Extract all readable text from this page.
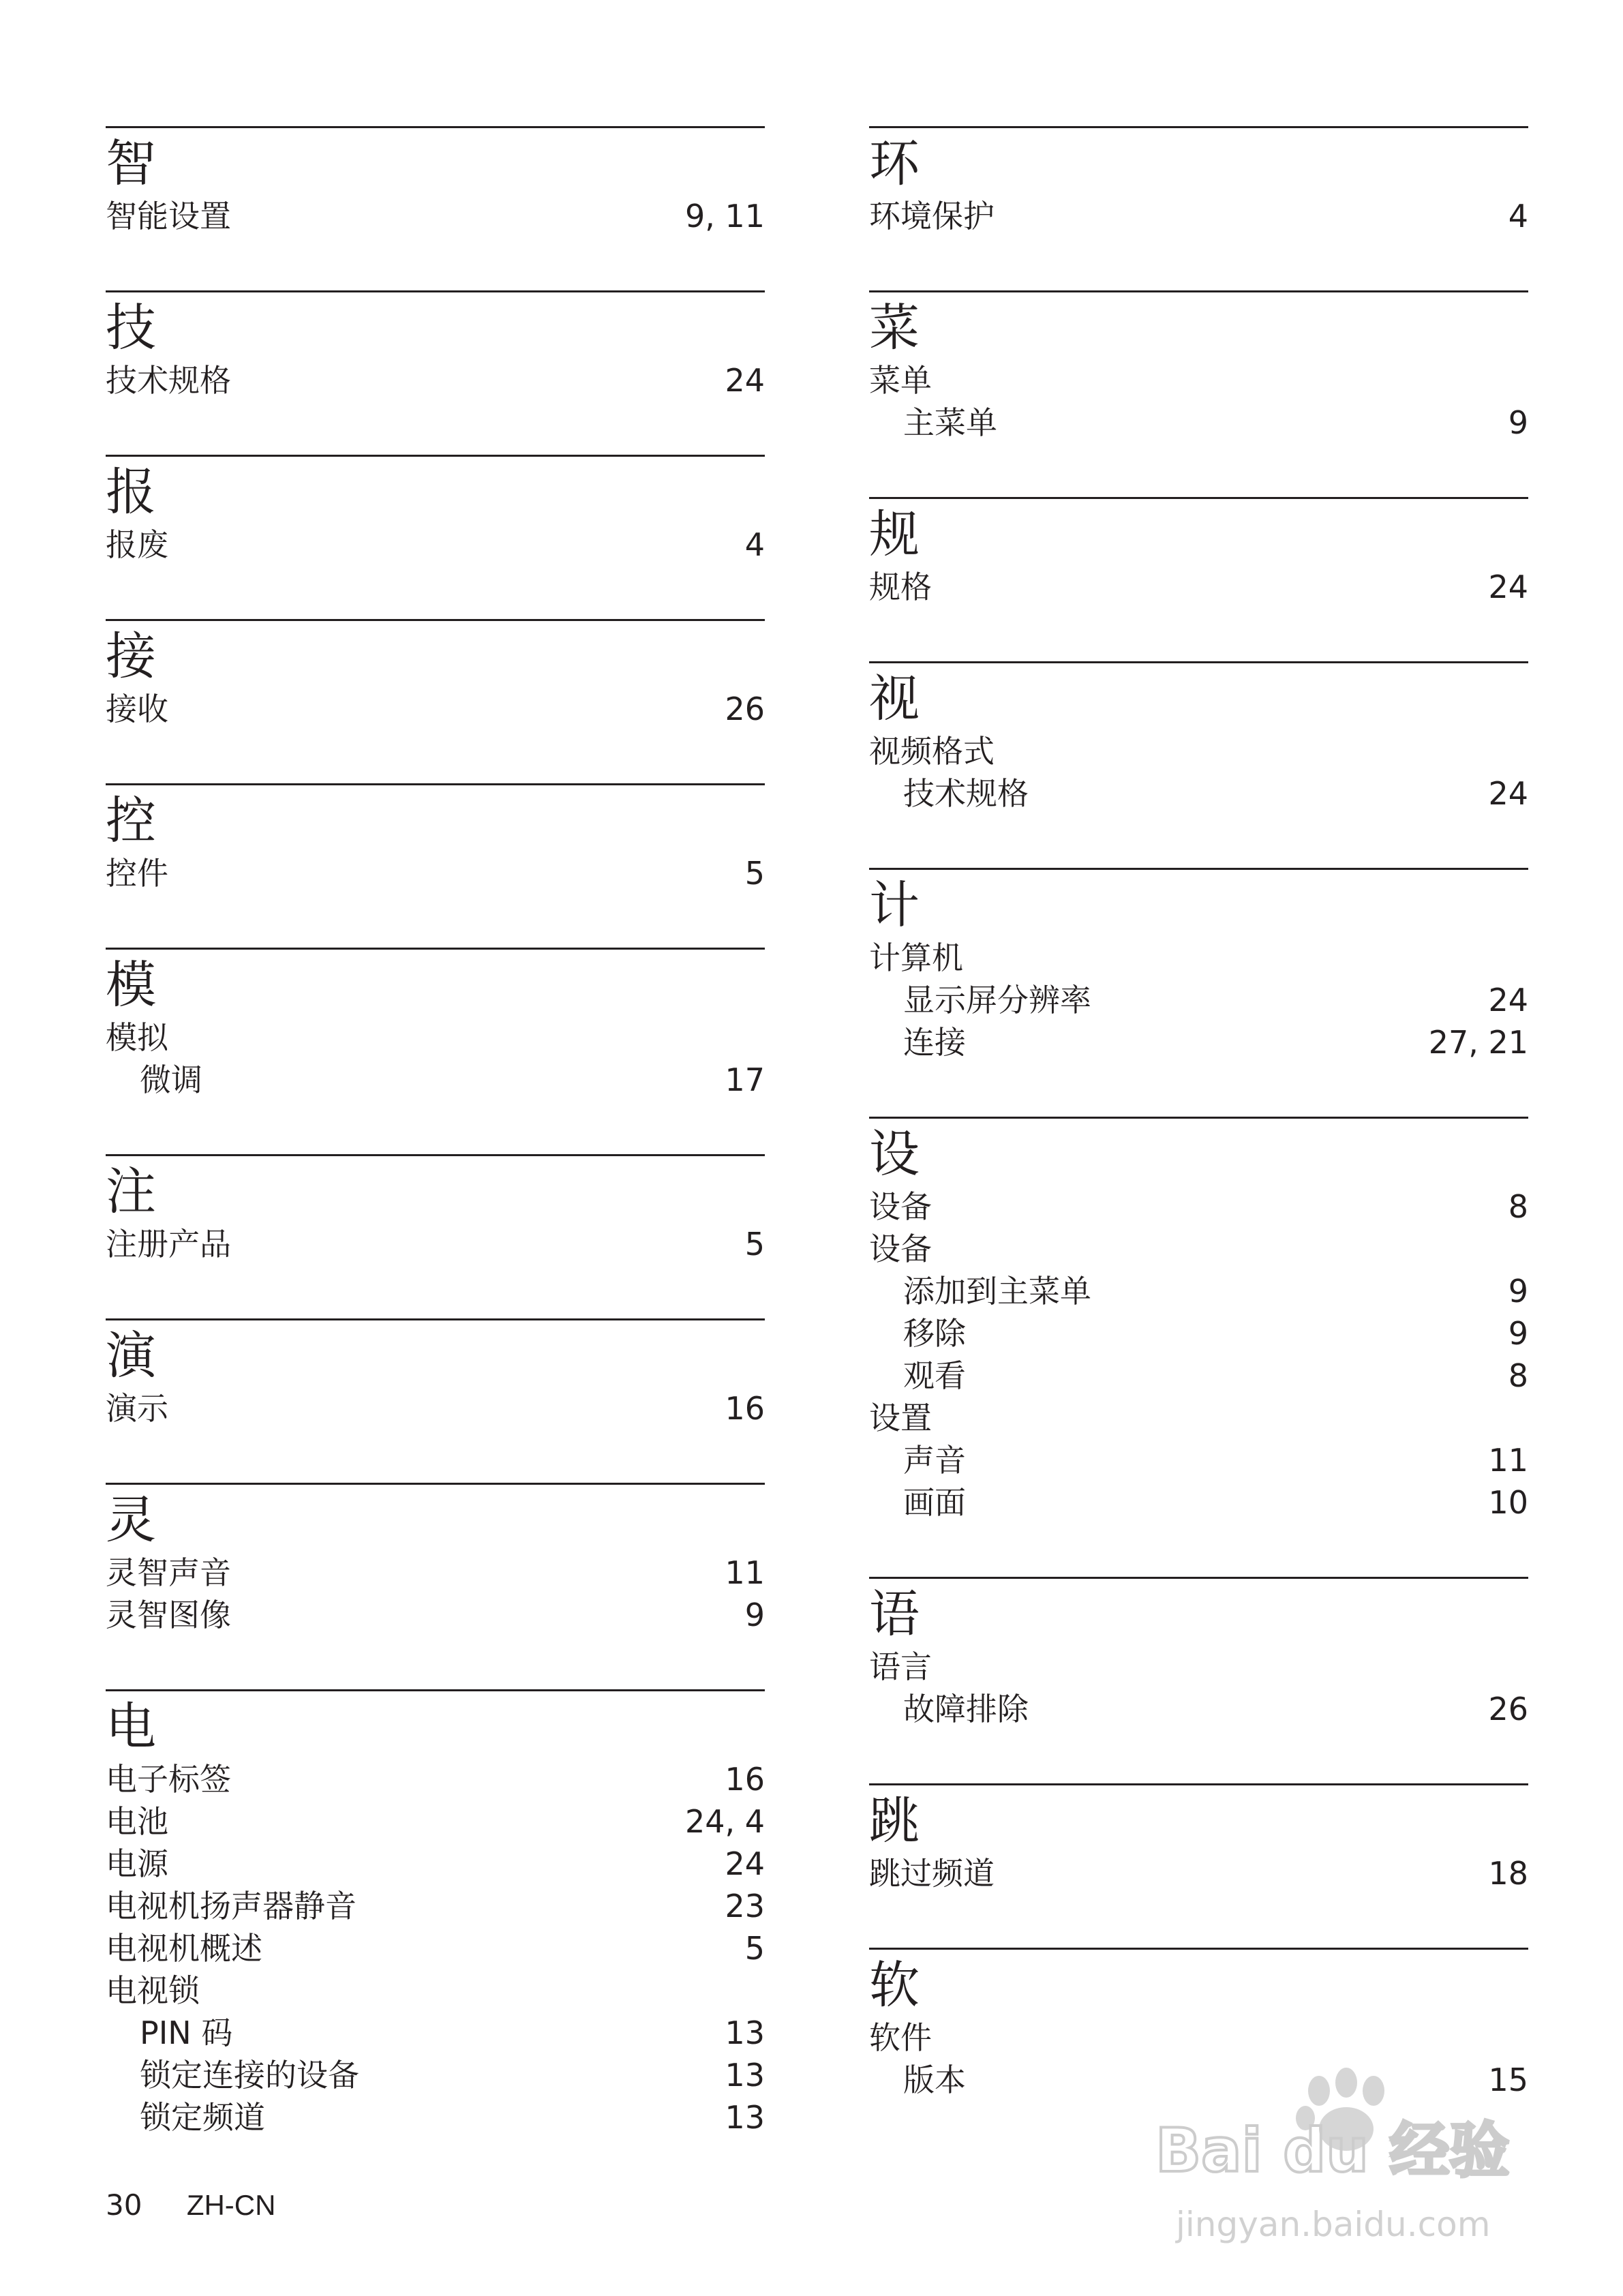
智
智能设置	9, 11
技
技术规格	24
报
报废	4
接
接收	26
控
控件	5
模
模拟
微调	17
注
注册产品	5
演
演示	16
灵
灵智声音	11
灵智图像	9
电
电子标签	16
电池	24, 4
电源	24
电视机扬声器静音	23
电视机概述	5
电视锁
PIN 码	13
锁定连接的设备	13
锁定频道	13
环
环境保护	4
菜
菜单
主菜单	9
规
规格	24
视
视频格式
技术规格	24
计
计算机
显示屏分辨率	24
连接	27, 21
设
设备	8
设备
添加到主菜单	9
移除	9
观看	8
设置
声音	11
画面	10
语
语言
故障排除	26
跳
跳过频道	18
软
软件
版本	15
30 ZH-CN
Bai du 经验
jingyan.baidu.com
